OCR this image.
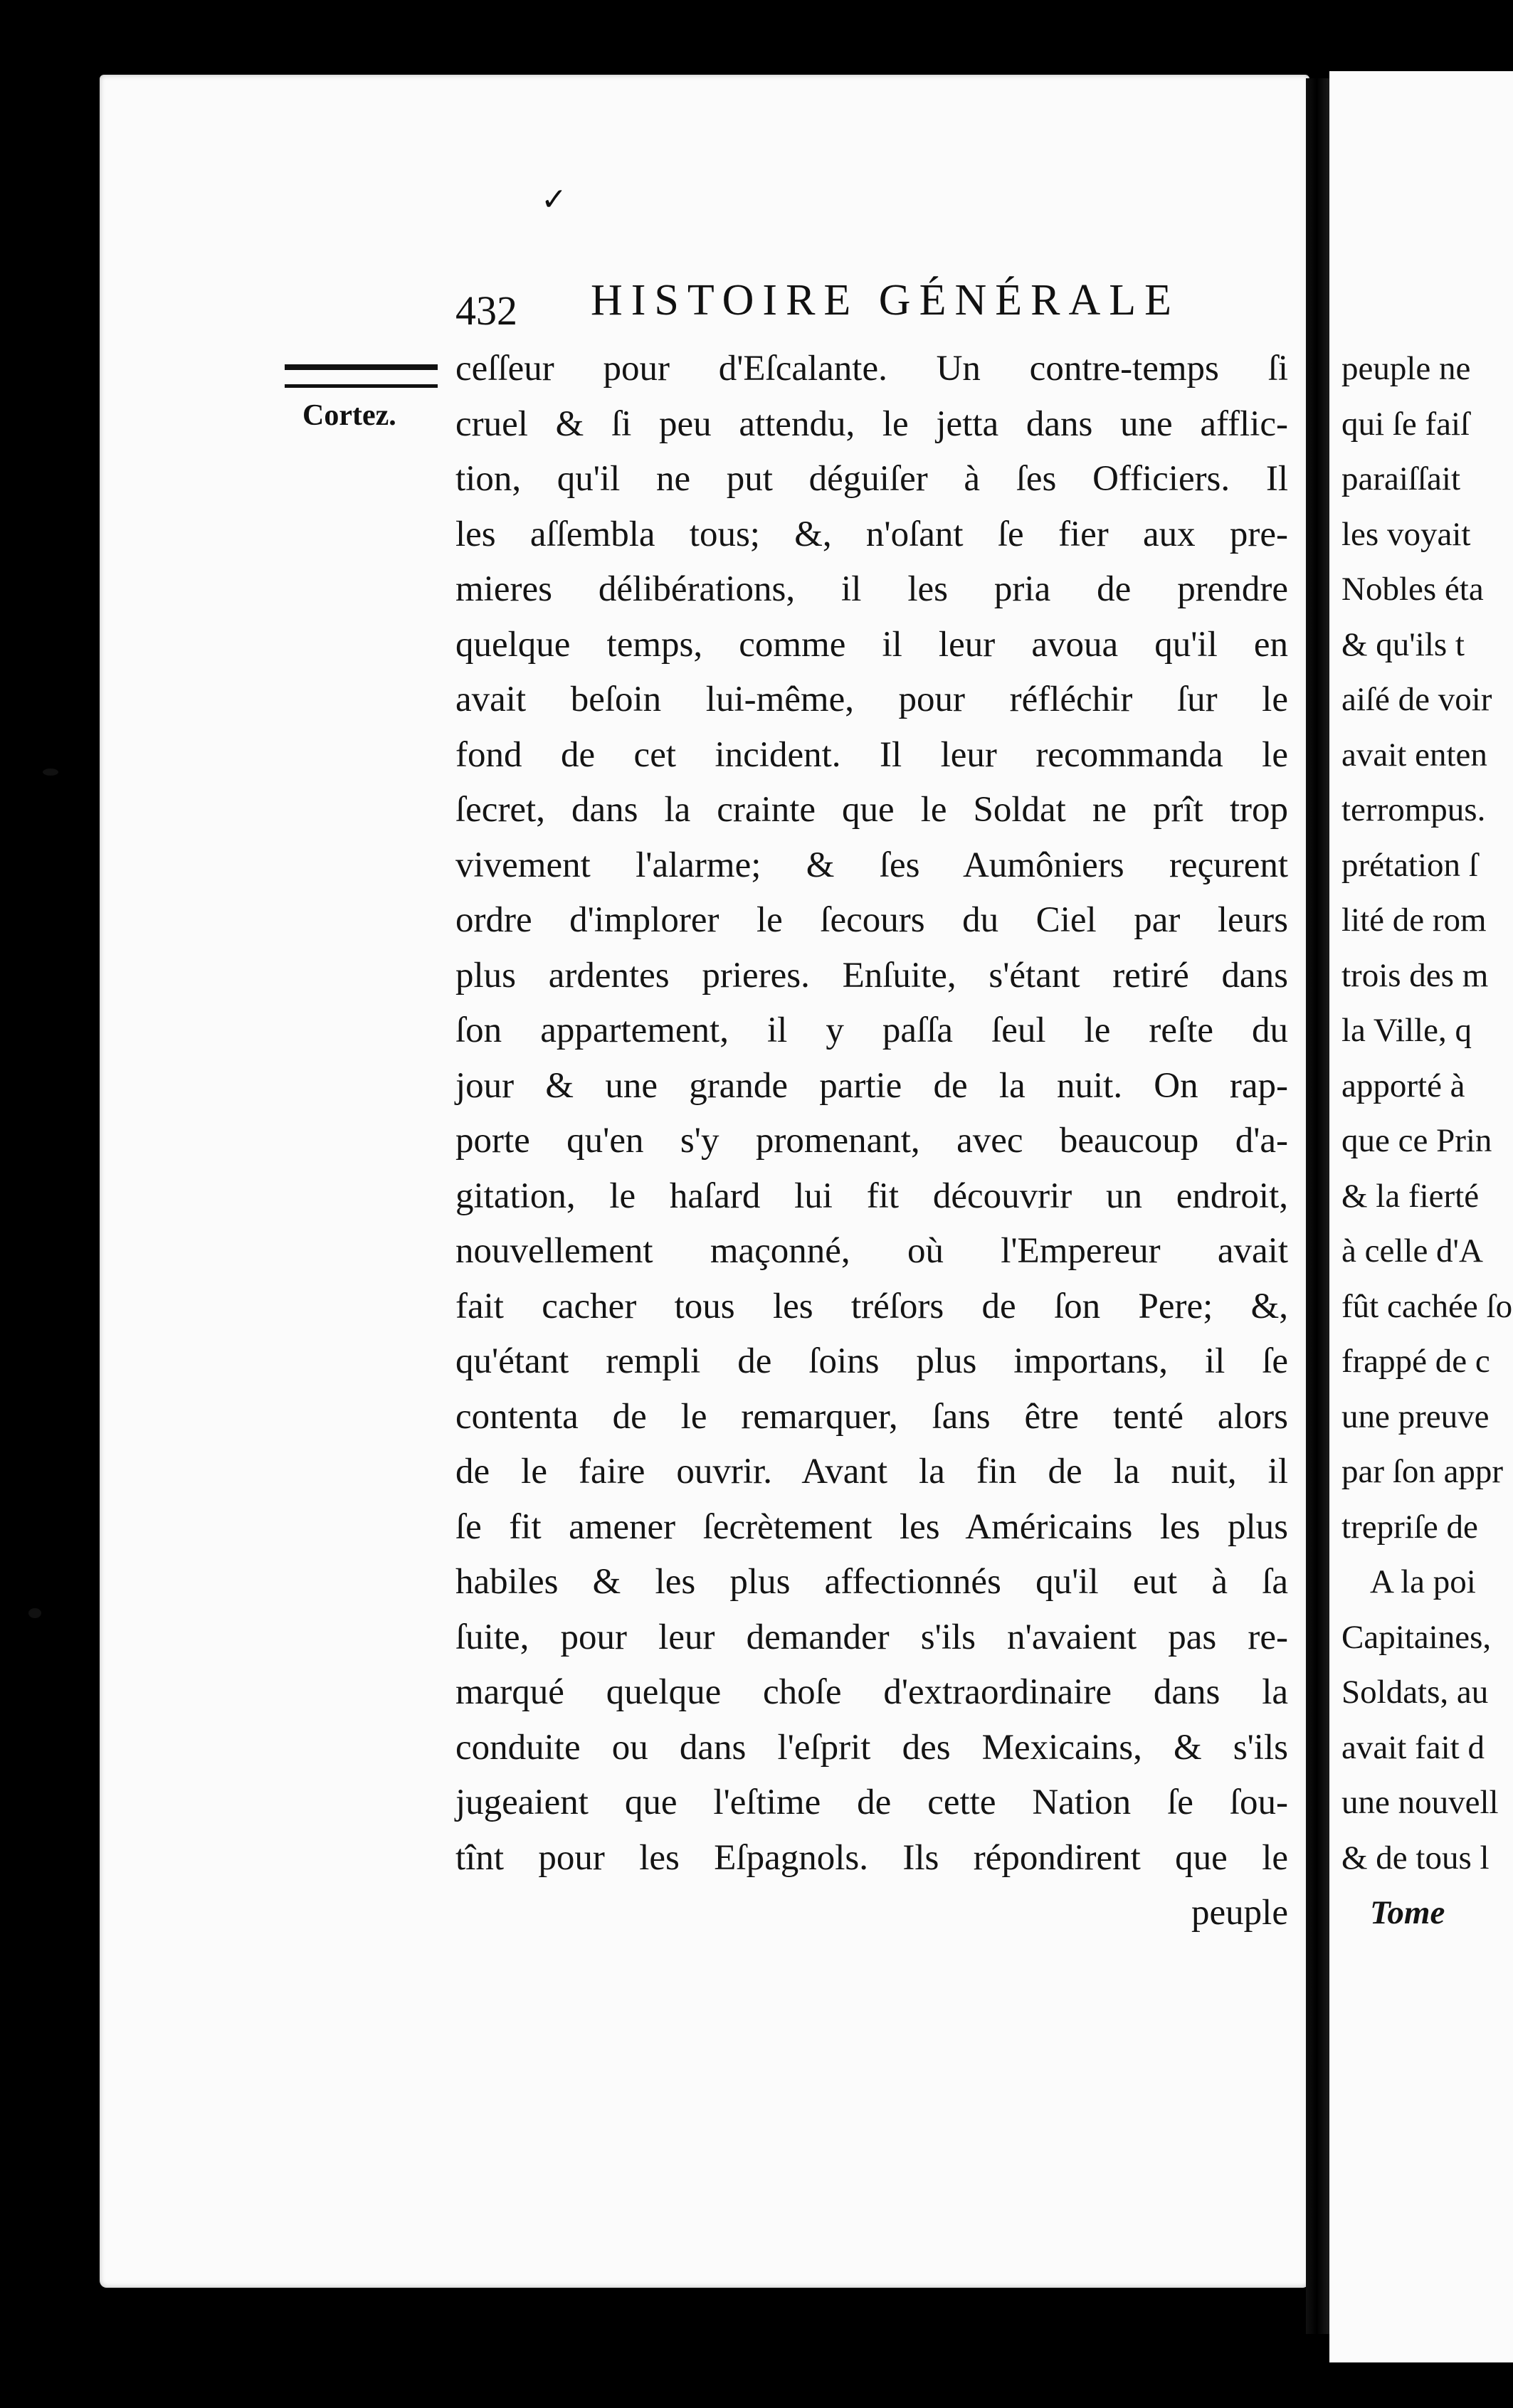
✓
432 HISTOIRE GÉNÉRALE
Cortez.
ceſſeur pour d'Eſcalante. Un contre-temps ſi
cruel & ſi peu attendu, le jetta dans une afflic-
tion, qu'il ne put déguiſer à ſes Officiers. Il
les aſſembla tous; &, n'oſant ſe fier aux pre-
mieres délibérations, il les pria de prendre
quelque temps, comme il leur avoua qu'il en
avait beſoin lui-même, pour réfléchir ſur le
fond de cet incident. Il leur recommanda le
ſecret, dans la crainte que le Soldat ne prît trop
vivement l'alarme; & ſes Aumôniers reçurent
ordre d'implorer le ſecours du Ciel par leurs
plus ardentes prieres. Enſuite, s'étant retiré dans
ſon appartement, il y paſſa ſeul le reſte du
jour & une grande partie de la nuit. On rap-
porte qu'en s'y promenant, avec beaucoup d'a-
gitation, le haſard lui fit découvrir un endroit,
nouvellement maçonné, où l'Empereur avait
fait cacher tous les tréſors de ſon Pere; &,
qu'étant rempli de ſoins plus importans, il ſe
contenta de le remarquer, ſans être tenté alors
de le faire ouvrir. Avant la fin de la nuit, il
ſe fit amener ſecrètement les Américains les plus
habiles & les plus affectionnés qu'il eut à ſa
ſuite, pour leur demander s'ils n'avaient pas re-
marqué quelque choſe d'extraordinaire dans la
conduite ou dans l'eſprit des Mexicains, & s'ils
jugeaient que l'eſtime de cette Nation ſe ſou-
tînt pour les Eſpagnols. Ils répondirent que le
peuple
peuple ne
qui ſe faiſ
paraiſſait
les voyait
Nobles éta
& qu'ils t
aiſé de voir
avait enten
terrompus.
prétation ſ
lité de rom
trois des m
la Ville, q
apporté à
que ce Prin
& la fierté
à celle d'A
fût cachée ſo
frappé de c
une preuve
par ſon appr
trepriſe de
A la poi
Capitaines,
Soldats, au
avait fait d
une nouvell
& de tous l
Tome
